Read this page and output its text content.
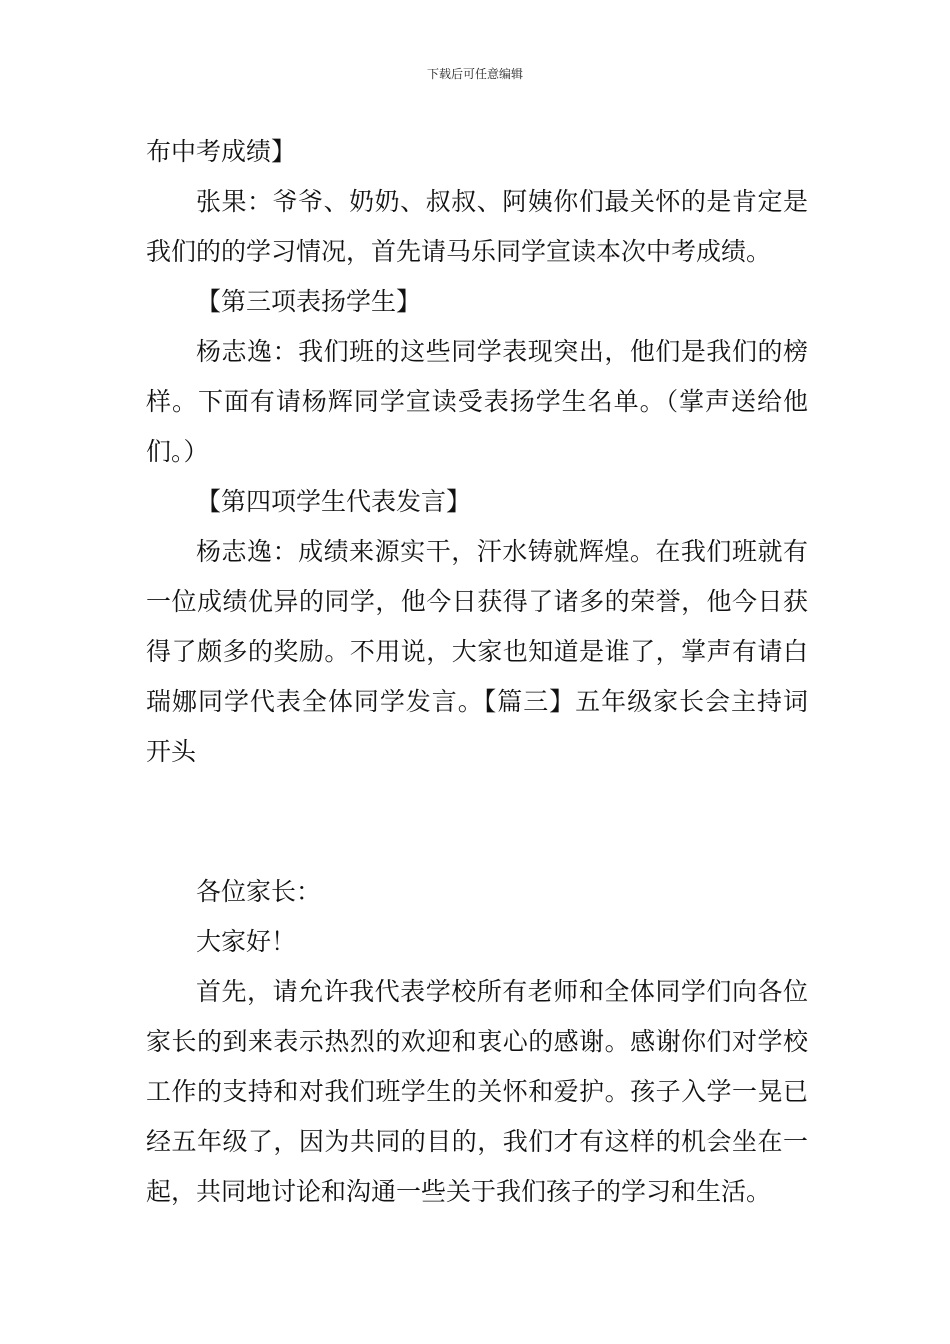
下载后可任意编辑

布中考成绩】

张果：爷爷、奶奶、叔叔、阿姨你们最关怀的是肯定是我们的的学习情况，首先请马乐同学宣读本次中考成绩。

【第三项表扬学生】

杨志逸：我们班的这些同学表现突出，他们是我们的榜样。下面有请杨辉同学宣读受表扬学生名单。（掌声送给他们。）

【第四项学生代表发言】

杨志逸：成绩来源实干，汗水铸就辉煌。在我们班就有一位成绩优异的同学，他今日获得了诸多的荣誉，他今日获得了颇多的奖励。不用说，大家也知道是谁了，掌声有请白瑞娜同学代表全体同学发言。【篇三】五年级家长会主持词开头

各位家长：

大家好！

首先，请允许我代表学校所有老师和全体同学们向各位家长的到来表示热烈的欢迎和衷心的感谢。感谢你们对学校工作的支持和对我们班学生的关怀和爱护。孩子入学一晃已经五年级了，因为共同的目的，我们才有这样的机会坐在一起，共同地讨论和沟通一些关于我们孩子的学习和生活。
